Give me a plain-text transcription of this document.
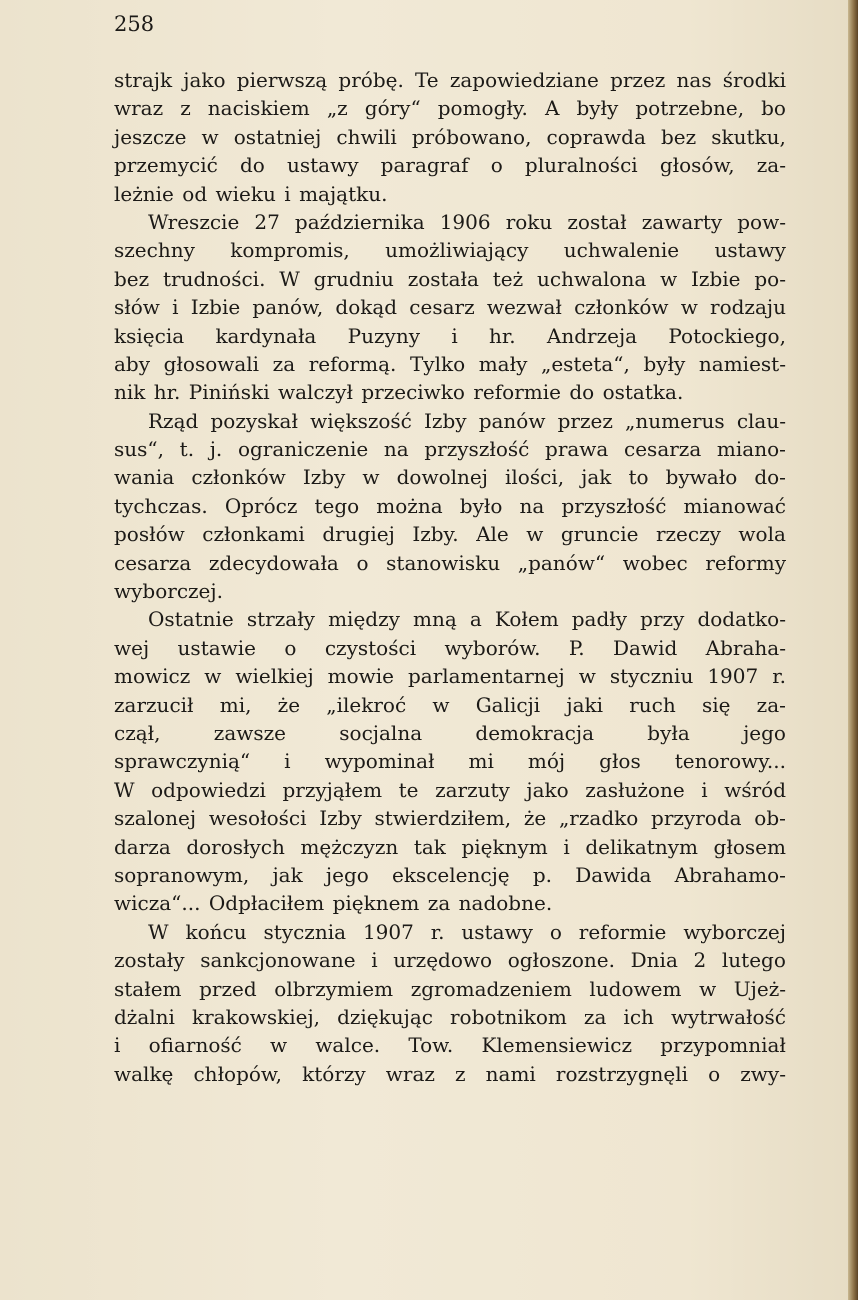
258

strajk jako pierwszą próbę. Te zapowiedziane przez nas środki
wraz z naciskiem „z góry“ pomogły. A były potrzebne, bo
jeszcze w ostatniej chwili próbowano, coprawda bez skutku,
przemycić do ustawy paragraf o pluralności głosów, za-
leżnie od wieku i majątku.
Wreszcie 27 października 1906 roku został zawarty pow-
szechny kompromis, umożliwiający uchwalenie ustawy
bez trudności. W grudniu została też uchwalona w Izbie po-
słów i Izbie panów, dokąd cesarz wezwał członków w rodzaju
księcia kardynała Puzyny i hr. Andrzeja Potockiego,
aby głosowali za reformą. Tylko mały „esteta“, były namiest-
nik hr. Piniński walczył przeciwko reformie do ostatka.
Rząd pozyskał większość Izby panów przez „numerus clau-
sus“, t. j. ograniczenie na przyszłość prawa cesarza miano-
wania członków Izby w dowolnej ilości, jak to bywało do-
tychczas. Oprócz tego można było na przyszłość mianować
posłów członkami drugiej Izby. Ale w gruncie rzeczy wola
cesarza zdecydowała o stanowisku „panów“ wobec reformy
wyborczej.
Ostatnie strzały między mną a Kołem padły przy dodatko-
wej ustawie o czystości wyborów. P. Dawid Abraha-
mowicz w wielkiej mowie parlamentarnej w styczniu 1907 r.
zarzucił mi, że „ilekroć w Galicji jaki ruch się za-
czął,	zawsze	socjalna	demokracja	była	jego
sprawczynią“ i wypominał mi mój głos tenorowy...
W odpowiedzi przyjąłem te zarzuty jako zasłużone i wśród
szalonej wesołości Izby stwierdziłem, że „rzadko przyroda ob-
darza dorosłych mężczyzn tak pięknym i delikatnym głosem
sopranowym, jak jego ekscelencję p. Dawida Abrahamo-
wicza“... Odpłaciłem pięknem za nadobne.
W końcu stycznia 1907 r. ustawy o reformie wyborczej
zostały sankcjonowane i urzędowo ogłoszone. Dnia 2 lutego
stałem przed olbrzymiem zgromadzeniem ludowem w Ujeż-
dżalni krakowskiej, dziękując robotnikom za ich wytrwałość
i ofiarność w walce. Tow. Klemensiewicz przypomniał
walkę chłopów, którzy wraz z nami rozstrzygnęli o zwy-
